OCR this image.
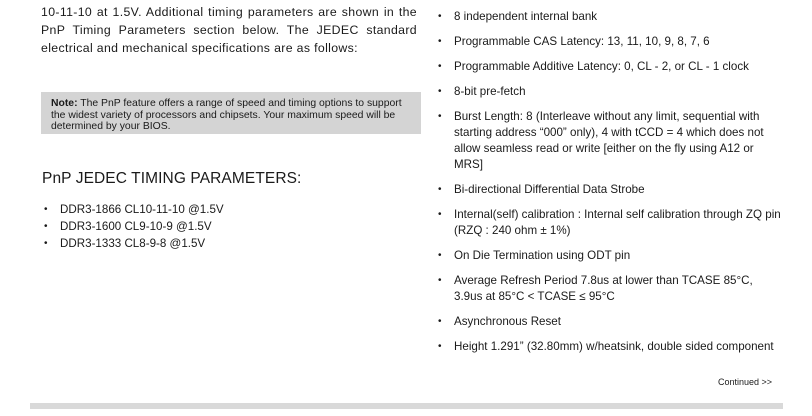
10-11-10 at 1.5V. Additional timing parameters are shown in the PnP Timing Parameters section below. The JEDEC standard electrical and mechanical specifications are as follows:

Note: The PnP feature offers a range of speed and timing options to support the widest variety of processors and chipsets. Your maximum speed will be determined by your BIOS.
PnP JEDEC TIMING PARAMETERS:
• DDR3-1866 CL10-11-10 @1.5V
• DDR3-1600 CL9-10-9 @1.5V
• DDR3-1333 CL8-9-8 @1.5V
• 8 independent internal bank
• Programmable CAS Latency: 13, 11, 10, 9, 8, 7, 6
• Programmable Additive Latency: 0, CL - 2, or CL - 1 clock
• 8-bit pre-fetch
• Burst Length: 8 (Interleave without any limit, sequential with starting address “000” only), 4 with tCCD = 4 which does not allow seamless read or write [either on the fly using A12 or MRS]
• Bi-directional Differential Data Strobe
• Internal(self) calibration : Internal self calibration through ZQ pin (RZQ : 240 ohm ± 1%)
• On Die Termination using ODT pin
• Average Refresh Period 7.8us at lower than TCASE 85°C, 3.9us at 85°C < TCASE ≤ 95°C
• Asynchronous Reset
• Height 1.291” (32.80mm) w/heatsink, double sided component
Continued >>
